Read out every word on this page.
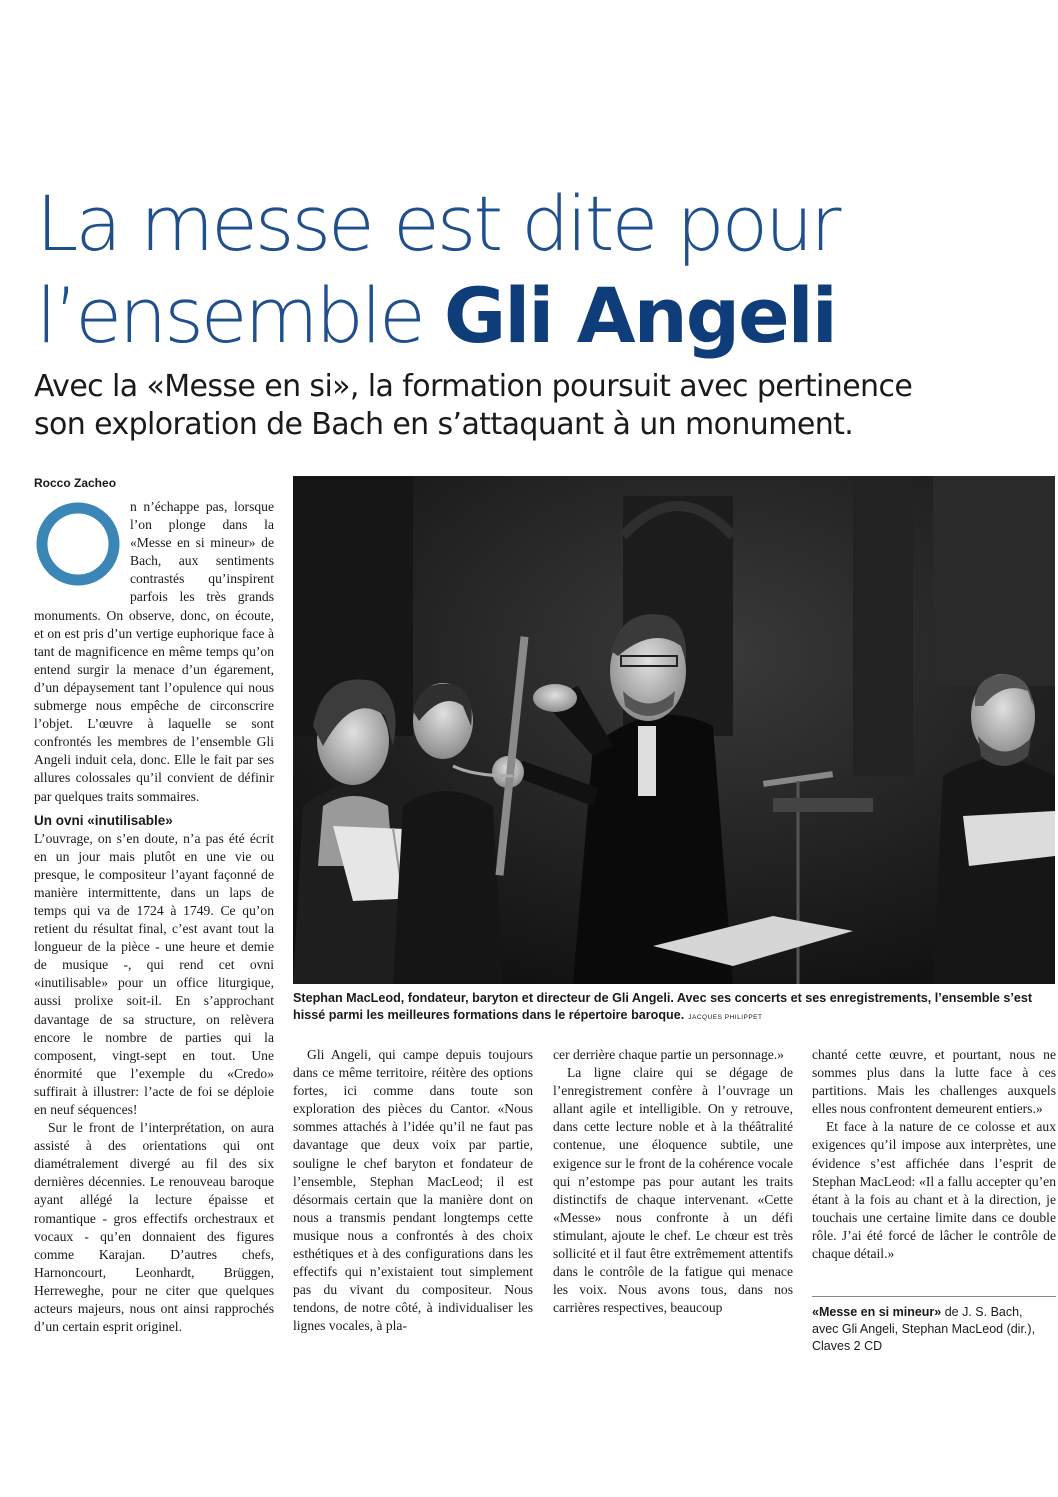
La messe est dite pour
l’ensemble Gli Angeli

Avec la «Messe en si», la formation poursuit avec pertinence
son exploration de Bach en s’attaquant à un monument.

Rocco Zacheo

n n’échappe pas, lorsque l’on plonge dans la «Messe en si mineur» de Bach, aux sentiments contrastés qu’inspirent parfois les très grands monuments. On observe, donc, on écoute, et on est pris d’un vertige euphorique face à tant de magnificence en même temps qu’on entend surgir la menace d’un égarement, d’un dépaysement tant l’opulence qui nous submerge nous empêche de circonscrire l’objet. L’œuvre à laquelle se sont confrontés les membres de l’ensemble Gli Angeli induit cela, donc. Elle le fait par ses allures colossales qu’il convient de définir par quelques traits sommaires.

Un ovni «inutilisable»

L’ouvrage, on s’en doute, n’a pas été écrit en un jour mais plutôt en une vie ou presque, le compositeur l’ayant façonné de manière intermittente, dans un laps de temps qui va de 1724 à 1749. Ce qu’on retient du résultat final, c’est avant tout la longueur de la pièce - une heure et demie de musique -, qui rend cet ovni «inutilisable» pour un office liturgique, aussi prolixe soit-il. En s’approchant davantage de sa structure, on relèvera encore le nombre de parties qui la composent, vingt-sept en tout. Une énormité que l’exemple du «Credo» suffirait à illustrer: l’acte de foi se déploie en neuf séquences!

Sur le front de l’interprétation, on aura assisté à des orientations qui ont diamétralement divergé au fil des six dernières décennies. Le renouveau baroque ayant allégé la lecture épaisse et romantique - gros effectifs orchestraux et vocaux - qu’en donnaient des figures comme Karajan. D’autres chefs, Harnoncourt, Leonhardt, Brüggen, Herreweghe, pour ne citer que quelques acteurs majeurs, nous ont ainsi rapprochés d’un certain esprit originel.

Stephan MacLeod, fondateur, baryton et directeur de Gli Angeli. Avec ses concerts et ses enregistrements, l’ensemble s’est hissé parmi les meilleures formations dans le répertoire baroque. JACQUES PHILIPPET

Gli Angeli, qui campe depuis toujours dans ce même territoire, réitère des options fortes, ici comme dans toute son exploration des pièces du Cantor. «Nous sommes attachés à l’idée qu’il ne faut pas davantage que deux voix par partie, souligne le chef baryton et fondateur de l’ensemble, Stephan MacLeod; il est désormais certain que la manière dont on nous a transmis pendant longtemps cette musique nous a confrontés à des choix esthétiques et à des configurations dans les effectifs qui n’existaient tout simplement pas du vivant du compositeur. Nous tendons, de notre côté, à individualiser les lignes vocales, à pla-

cer derrière chaque partie un personnage.»

La ligne claire qui se dégage de l’enregistrement confère à l’ouvrage un allant agile et intelligible. On y retrouve, dans cette lecture noble et à la théâtralité contenue, une éloquence subtile, une exigence sur le front de la cohérence vocale qui n’estompe pas pour autant les traits distinctifs de chaque intervenant. «Cette «Messe» nous confronte à un défi stimulant, ajoute le chef. Le chœur est très sollicité et il faut être extrêmement attentifs dans le contrôle de la fatigue qui menace les voix. Nous avons tous, dans nos carrières respectives, beaucoup

chanté cette œuvre, et pourtant, nous ne sommes plus dans la lutte face à ces partitions. Mais les challenges auxquels elles nous confrontent demeurent entiers.»

Et face à la nature de ce colosse et aux exigences qu’il impose aux interprètes, une évidence s’est affichée dans l’esprit de Stephan MacLeod: «Il a fallu accepter qu’en étant à la fois au chant et à la direction, je touchais une certaine limite dans ce double rôle. J’ai été forcé de lâcher le contrôle de chaque détail.»

«Messe en si mineur» de J. S. Bach,
avec Gli Angeli, Stephan MacLeod (dir.),
Claves 2 CD
